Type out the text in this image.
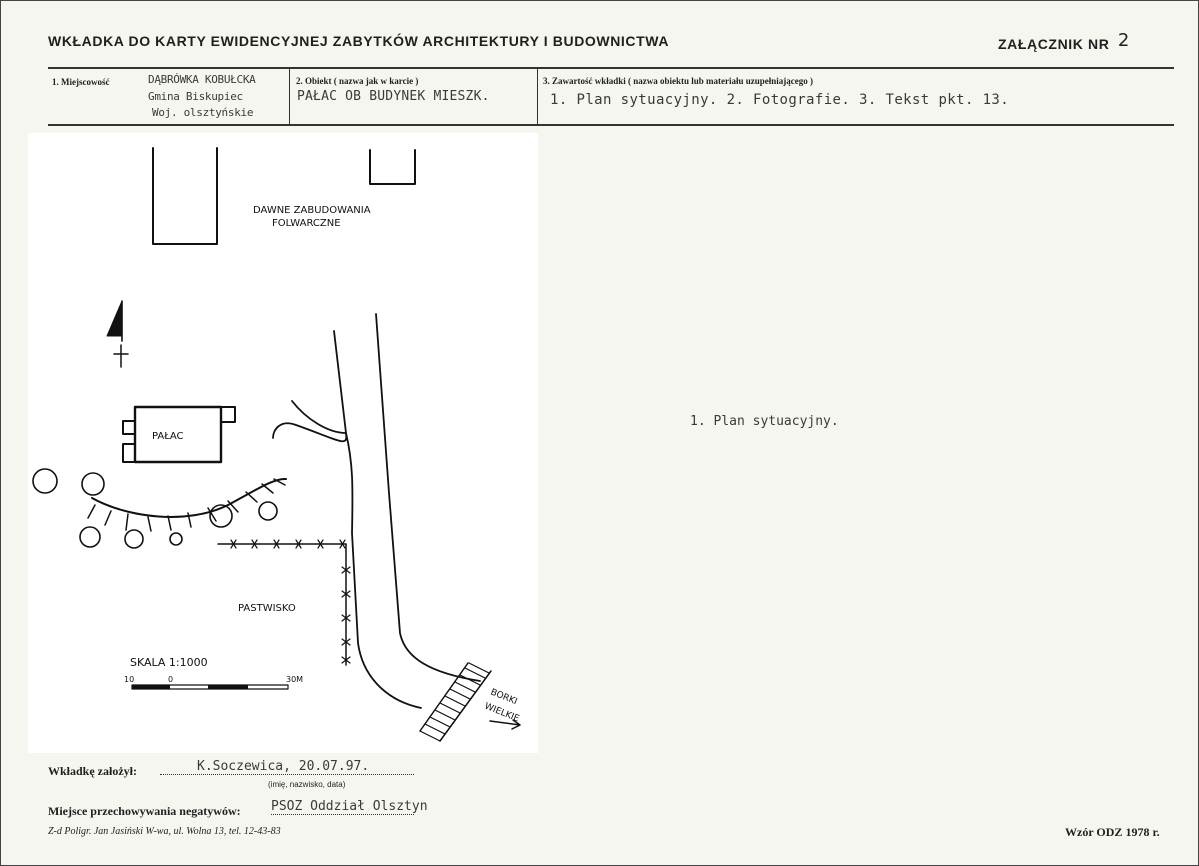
WKŁADKA DO KARTY EWIDENCYJNEJ ZABYTKÓW ARCHITEKTURY I BUDOWNICTWA	ZAŁĄCZNIK NR 2
1. Miejscowość	DĄBRÓWKA KOBUŁCKA
Gmina Biskupiec
Woj. olsztyńskie
2. Obiekt ( nazwa jak w karcie )
PAŁAC OB BUDYNEK MIESZK.
3. Zawartość wkładki ( nazwa obiektu lub materiału uzupełniającego )
1. Plan sytuacyjny. 2. Fotografie. 3. Tekst pkt. 13.
DAWNE ZABUDOWANIA
FOLWARCZNE
PAŁAC
PASTWISKO
BORKI
WIELKIE
SKALA 1:1000
10	0	30M
1. Plan sytuacyjny.
Wkładkę założył:	K.Soczewica, 20.07.97.
(imię, nazwisko, data)
Miejsce przechowywania negatywów: PSOZ Oddział Olsztyn
Z-d Poligr. Jan Jasiński W-wa, ul. Wolna 13, tel. 12-43-83	Wzór ODZ 1978 r.
